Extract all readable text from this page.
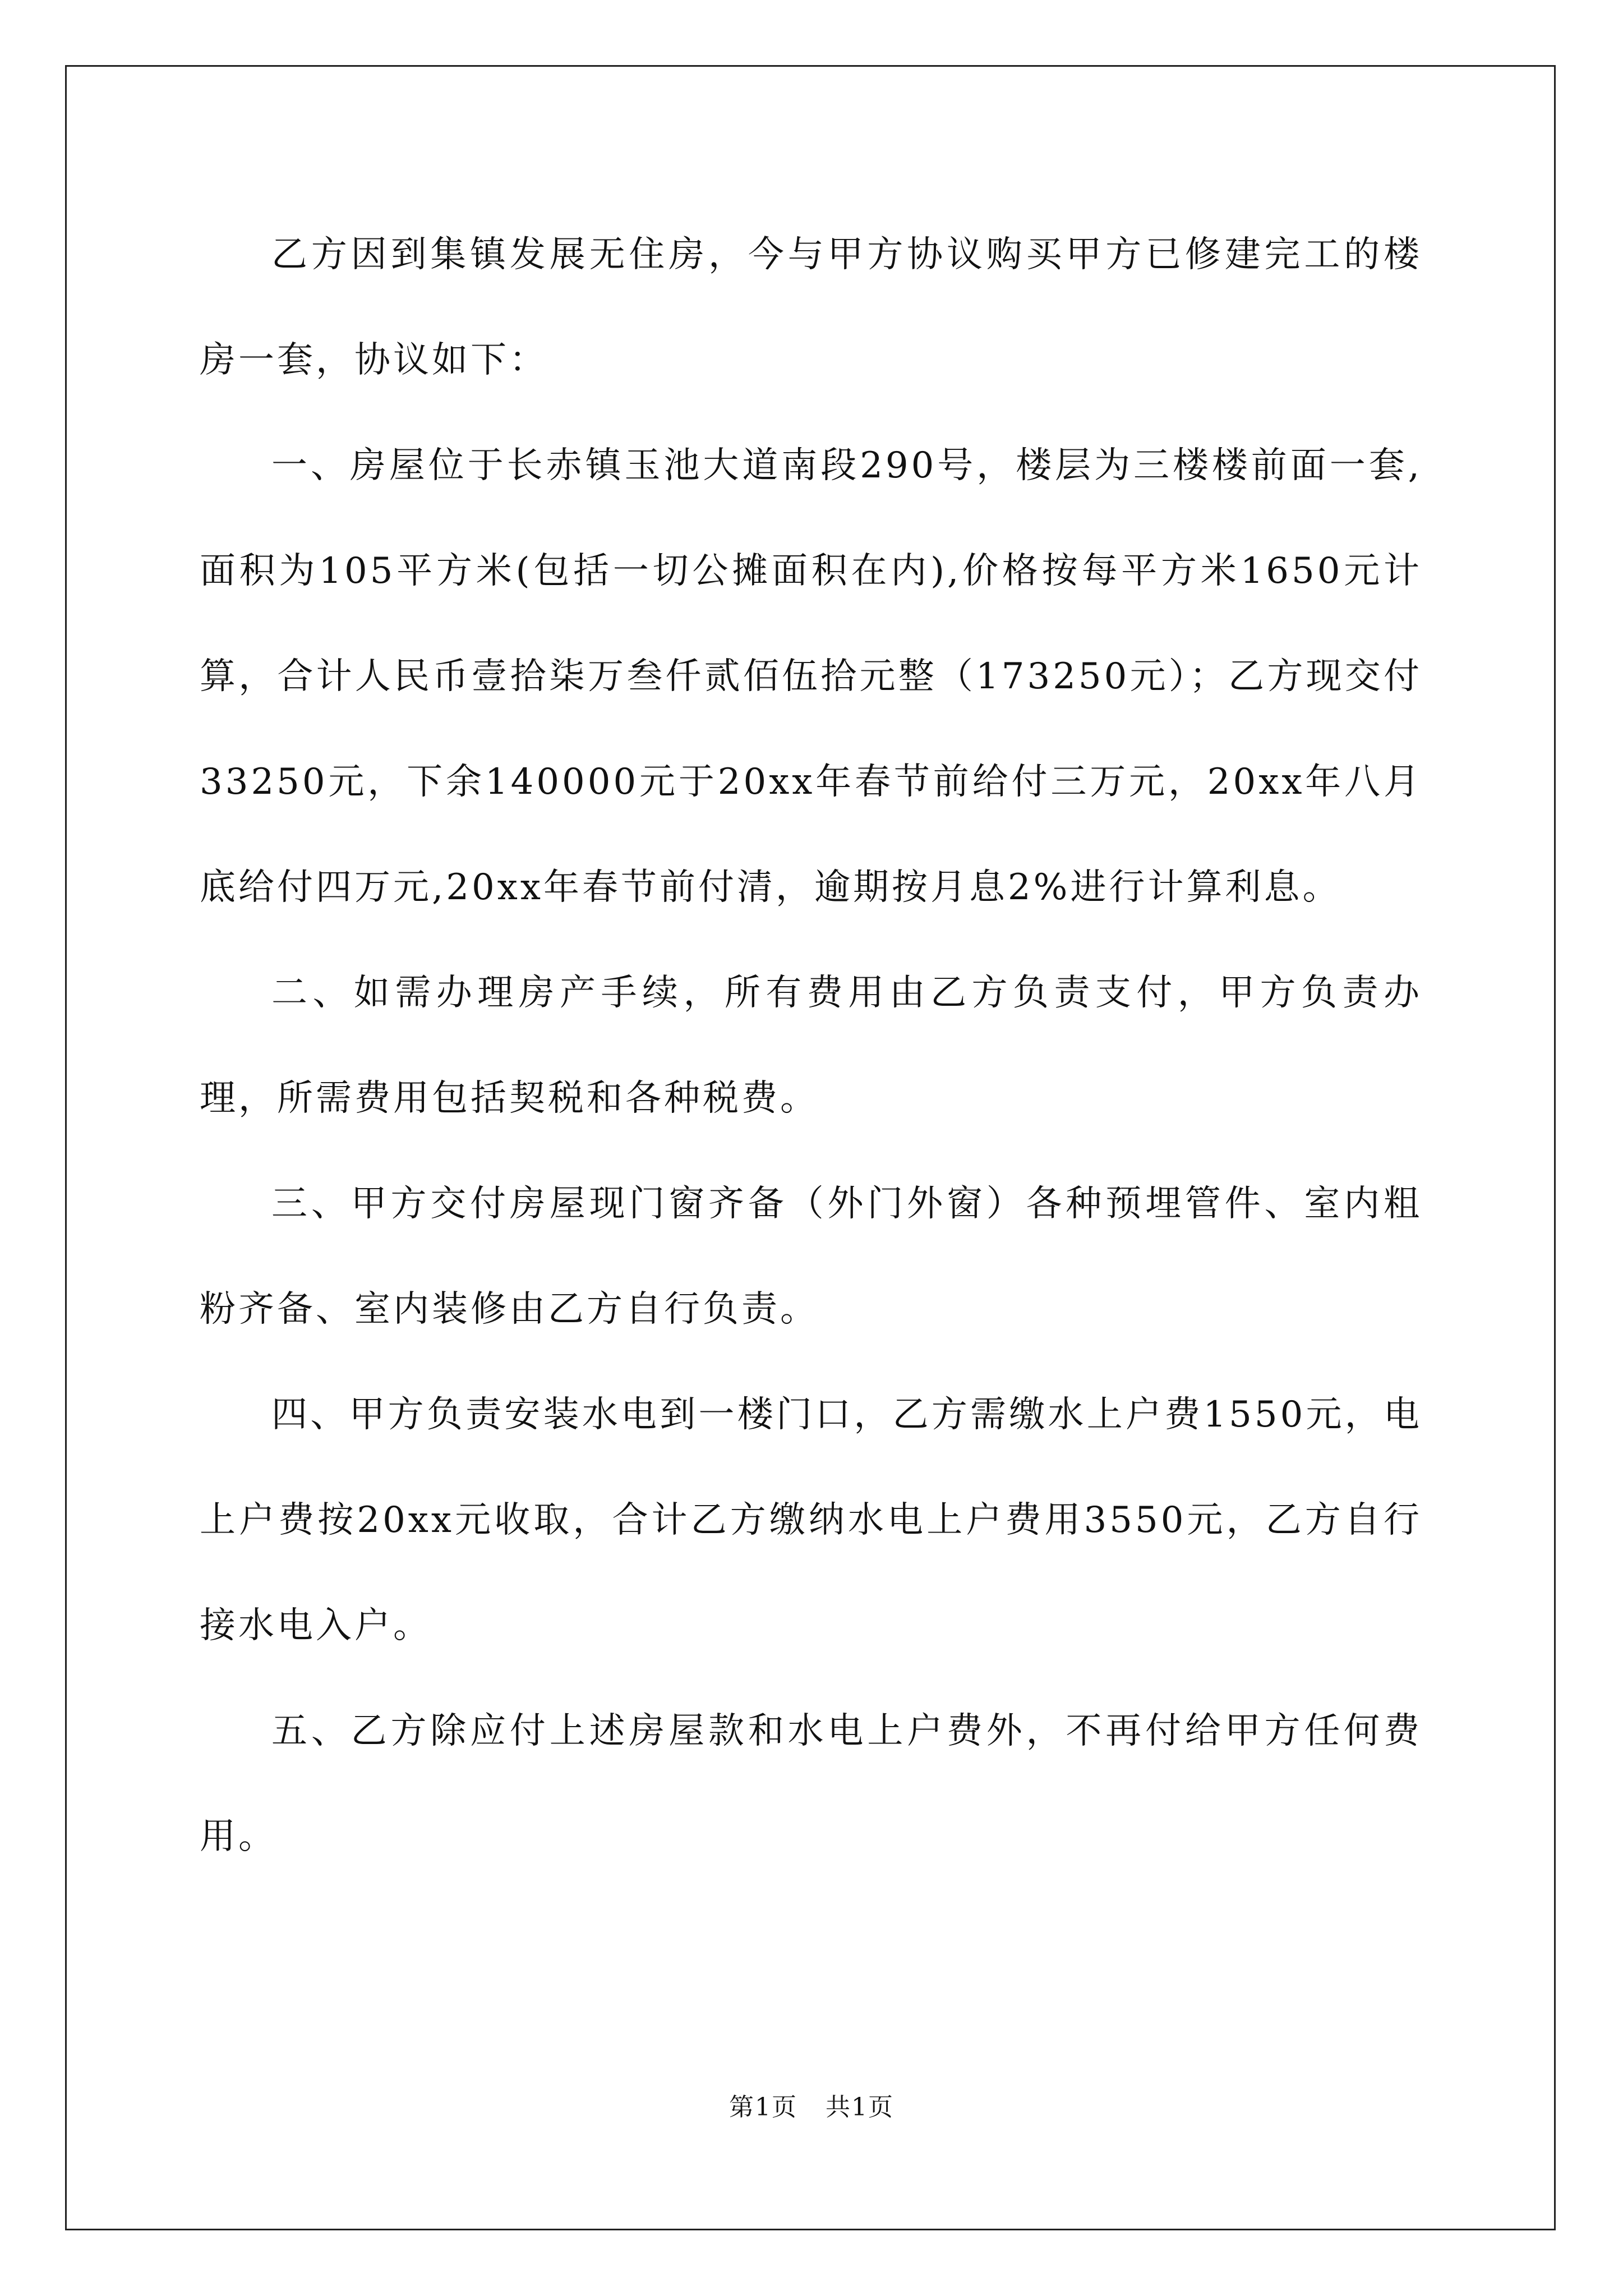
乙方因到集镇发展无住房，今与甲方协议购买甲方已修建完工的楼房一套，协议如下：

一、房屋位于长赤镇玉池大道南段290号，楼层为三楼楼前面一套,面积为105平方米(包括一切公摊面积在内),价格按每平方米1650元计算，合计人民币壹拾柒万叁仟贰佰伍拾元整（173250元）；乙方现交付33250元，下余140000元于20xx年春节前给付三万元，20xx年八月底给付四万元,20xx年春节前付清，逾期按月息2%进行计算利息。

二、如需办理房产手续，所有费用由乙方负责支付，甲方负责办理，所需费用包括契税和各种税费。

三、甲方交付房屋现门窗齐备（外门外窗）各种预埋管件、室内粗粉齐备、室内装修由乙方自行负责。

四、甲方负责安装水电到一楼门口，乙方需缴水上户费1550元，电上户费按20xx元收取，合计乙方缴纳水电上户费用3550元，乙方自行接水电入户。

五、乙方除应付上述房屋款和水电上户费外，不再付给甲方任何费用。

第1页 共1页
